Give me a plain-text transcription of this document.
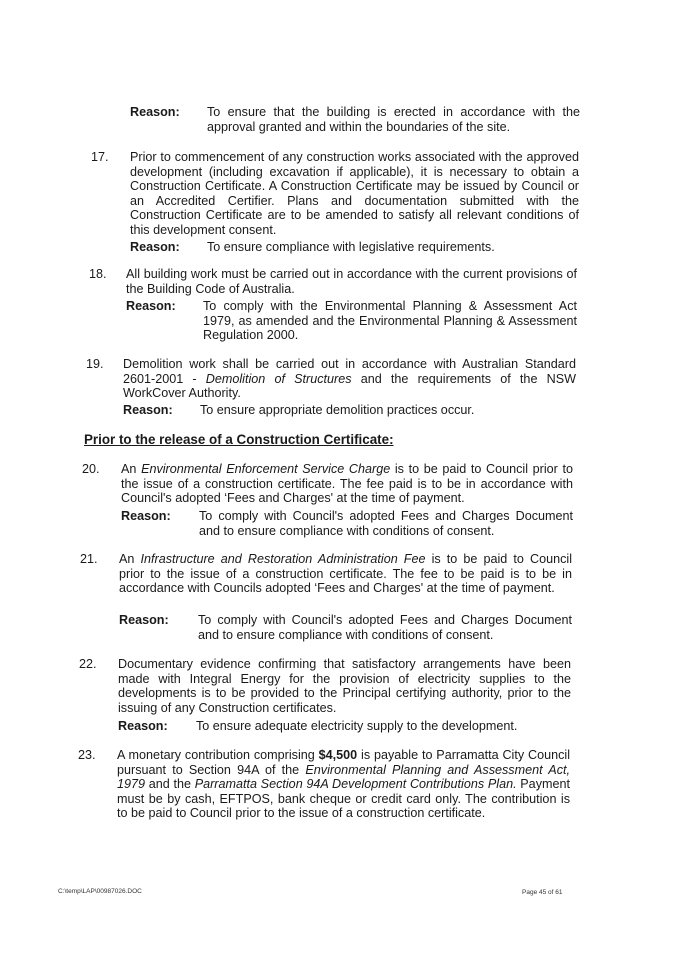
Reason: To ensure that the building is erected in accordance with the approval granted and within the boundaries of the site.

17. Prior to commencement of any construction works associated with the approved development (including excavation if applicable), it is necessary to obtain a Construction Certificate. A Construction Certificate may be issued by Council or an Accredited Certifier. Plans and documentation submitted with the Construction Certificate are to be amended to satisfy all relevant conditions of this development consent.

Reason: To ensure compliance with legislative requirements.

18. All building work must be carried out in accordance with the current provisions of the Building Code of Australia.

Reason: To comply with the Environmental Planning & Assessment Act 1979, as amended and the Environmental Planning & Assessment Regulation 2000.

19. Demolition work shall be carried out in accordance with Australian Standard 2601-2001 - Demolition of Structures and the requirements of the NSW WorkCover Authority.

Reason: To ensure appropriate demolition practices occur.

Prior to the release of a Construction Certificate:
20. An Environmental Enforcement Service Charge is to be paid to Council prior to the issue of a construction certificate. The fee paid is to be in accordance with Council's adopted ‘Fees and Charges' at the time of payment.

Reason: To comply with Council's adopted Fees and Charges Document and to ensure compliance with conditions of consent.

21. An Infrastructure and Restoration Administration Fee is to be paid to Council prior to the issue of a construction certificate. The fee to be paid is to be in accordance with Councils adopted ‘Fees and Charges' at the time of payment.

Reason: To comply with Council's adopted Fees and Charges Document and to ensure compliance with conditions of consent.

22. Documentary evidence confirming that satisfactory arrangements have been made with Integral Energy for the provision of electricity supplies to the developments is to be provided to the Principal certifying authority, prior to the issuing of any Construction certificates.

Reason: To ensure adequate electricity supply to the development.

23. A monetary contribution comprising $4,500 is payable to Parramatta City Council pursuant to Section 94A of the Environmental Planning and Assessment Act, 1979 and the Parramatta Section 94A Development Contributions Plan. Payment must be by cash, EFTPOS, bank cheque or credit card only. The contribution is to be paid to Council prior to the issue of a construction certificate.

C:\temp\LAP\00987026.DOC	Page 45 of 61
